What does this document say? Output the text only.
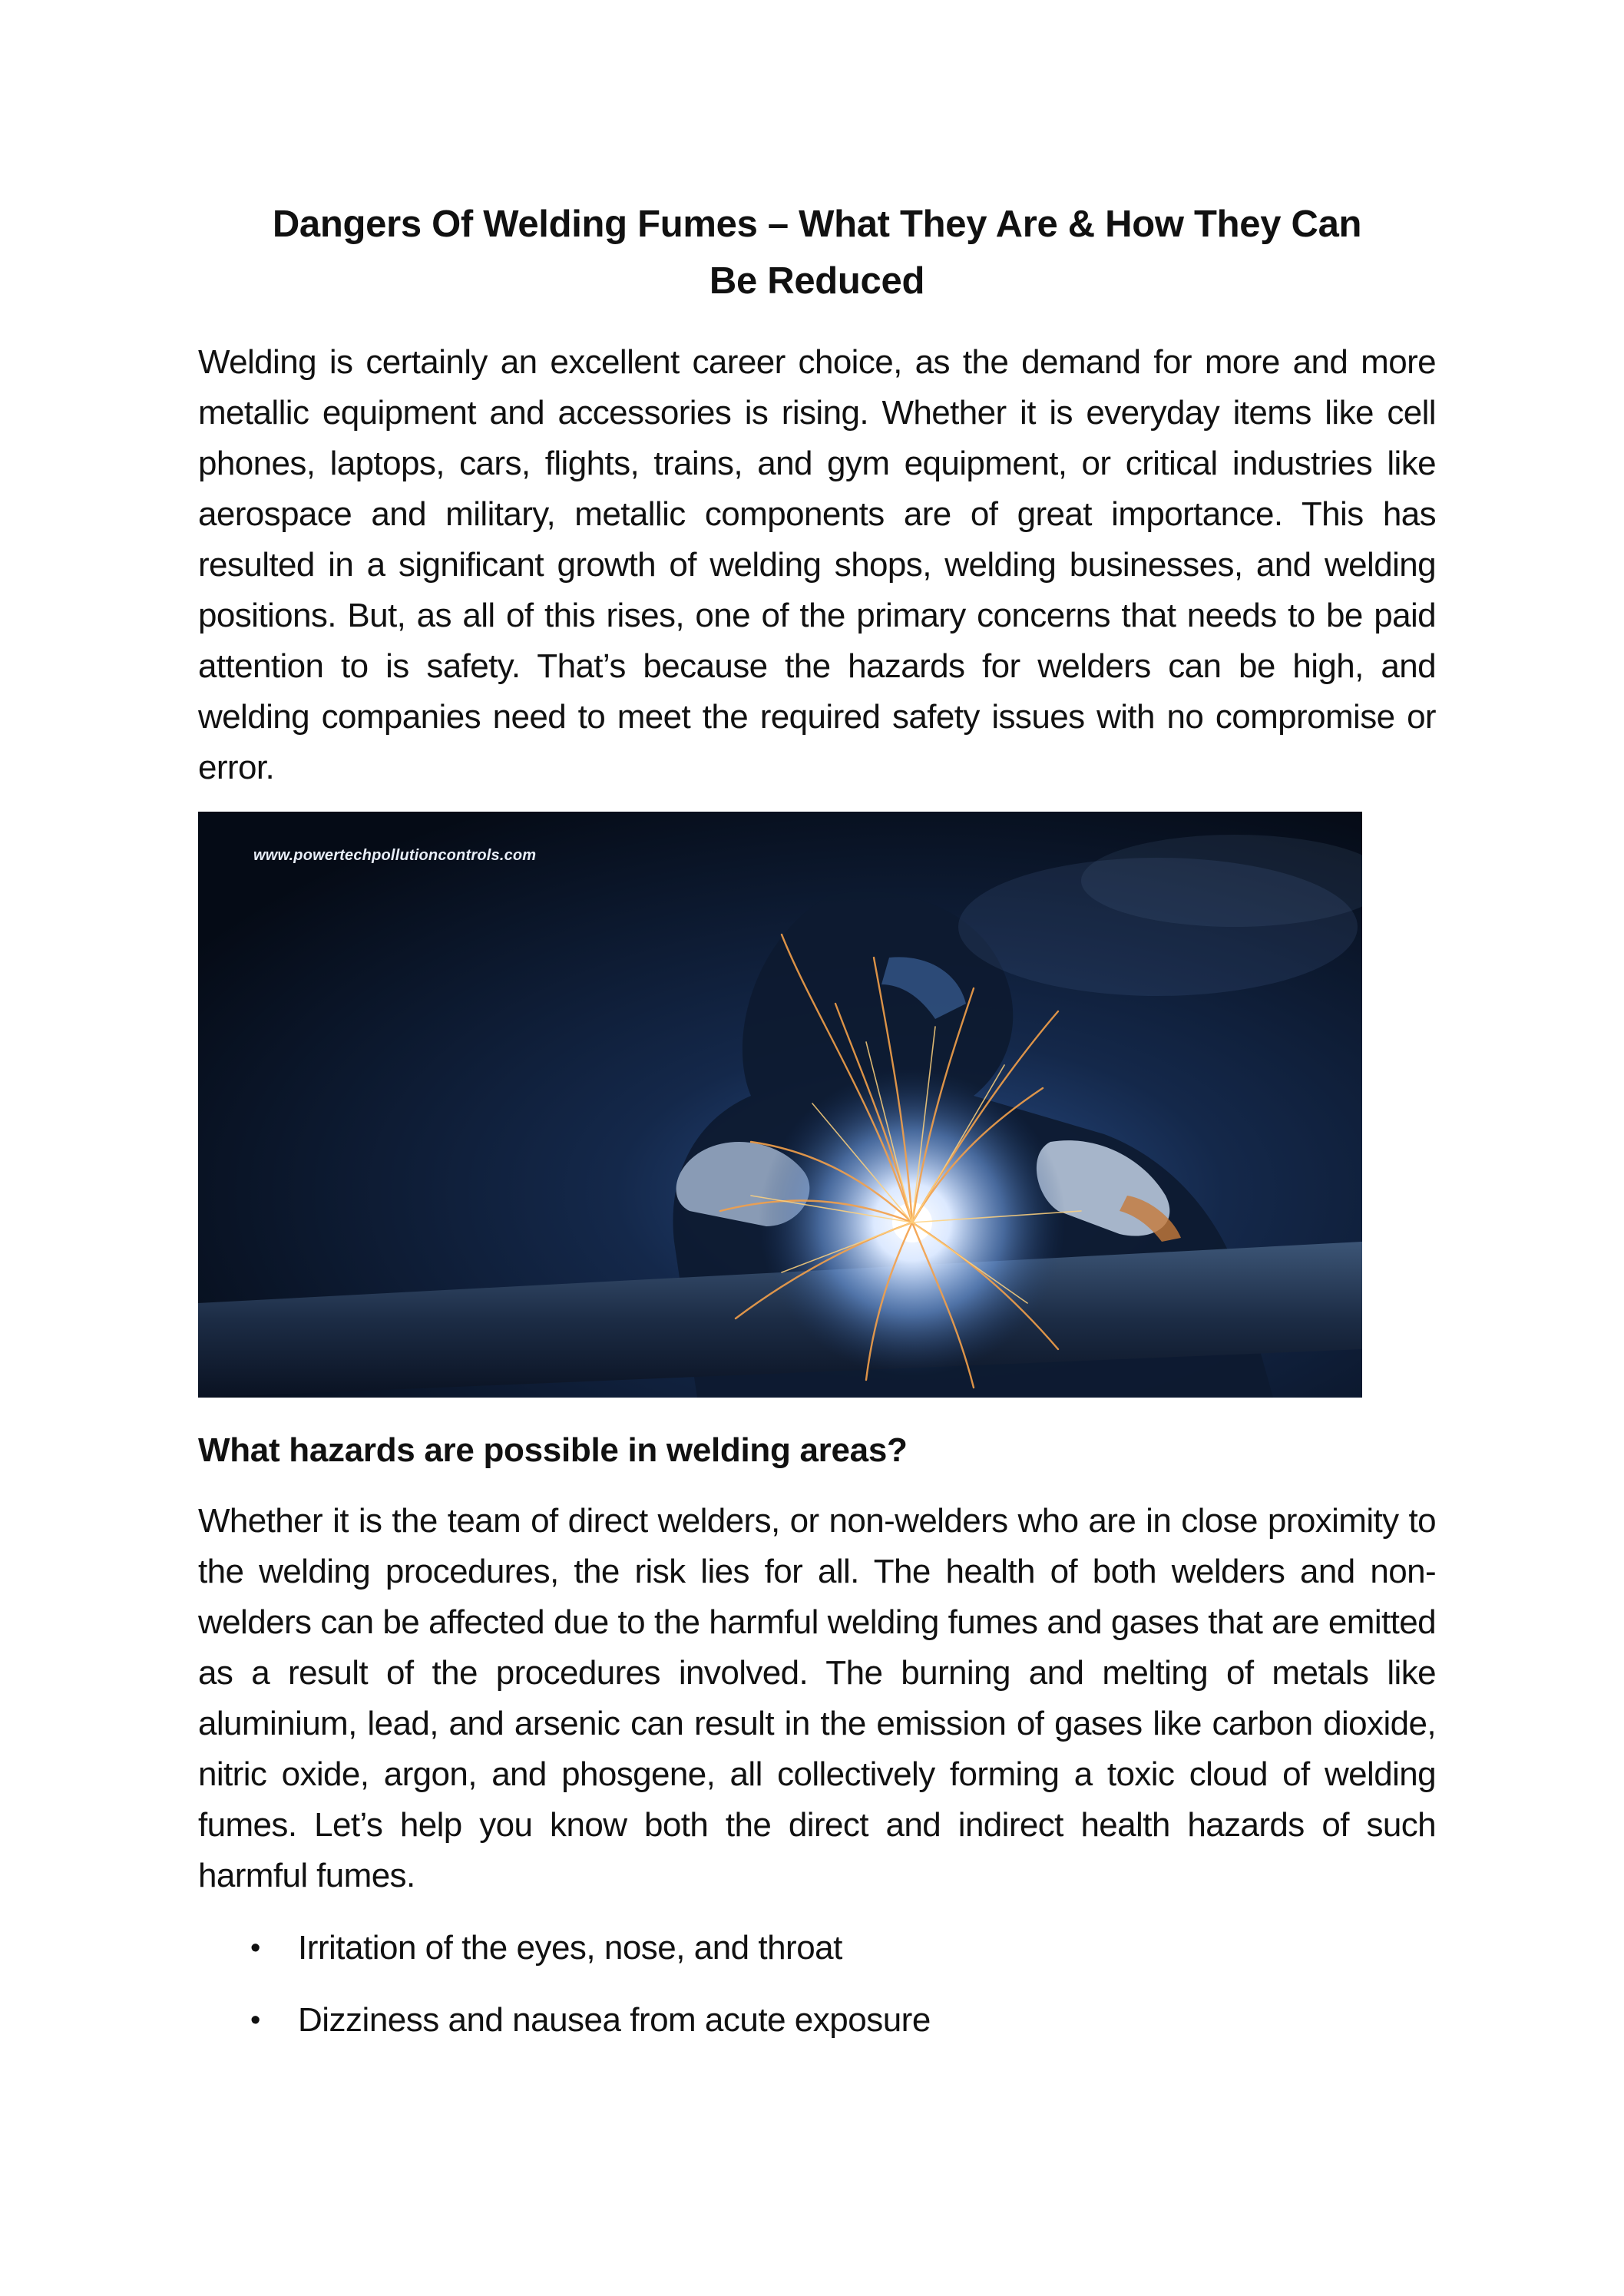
Dangers Of Welding Fumes – What They Are & How They Can Be Reduced

Welding is certainly an excellent career choice, as the demand for more and more metallic equipment and accessories is rising. Whether it is everyday items like cell phones, laptops, cars, flights, trains, and gym equipment, or critical industries like aerospace and military, metallic components are of great importance. This has resulted in a significant growth of welding shops, welding businesses, and welding positions. But, as all of this rises, one of the primary concerns that needs to be paid attention to is safety. That’s because the hazards for welders can be high, and welding companies need to meet the required safety issues with no compromise or error.

www.powertechpollutioncontrols.com
What hazards are possible in welding areas?

Whether it is the team of direct welders, or non-welders who are in close proximity to the welding procedures, the risk lies for all. The health of both welders and non-welders can be affected due to the harmful welding fumes and gases that are emitted as a result of the procedures involved. The burning and melting of metals like aluminium, lead, and arsenic can result in the emission of gases like carbon dioxide, nitric oxide, argon, and phosgene, all collectively forming a toxic cloud of welding fumes. Let’s help you know both the direct and indirect health hazards of such harmful fumes.

• Irritation of the eyes, nose, and throat
• Dizziness and nausea from acute exposure
